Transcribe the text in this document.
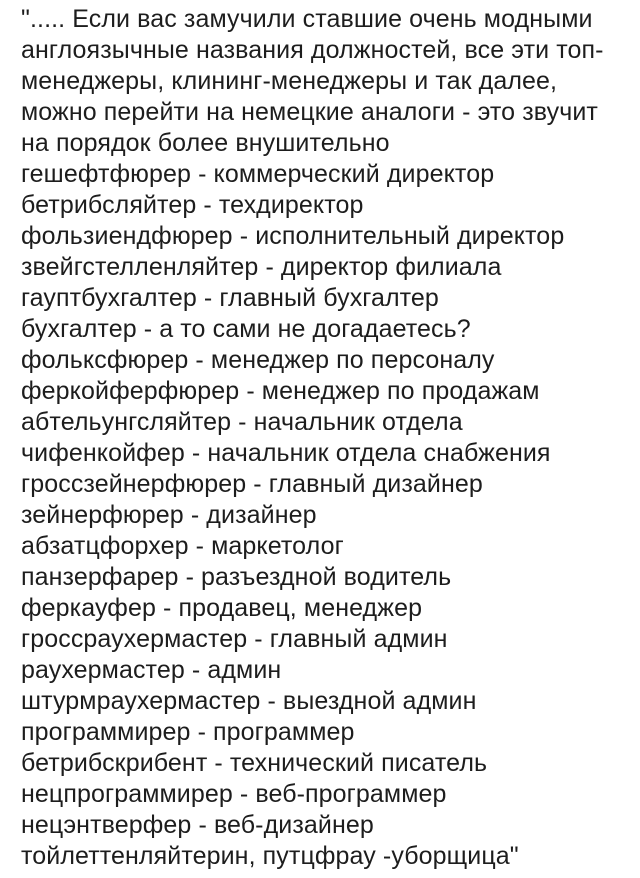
"..... Если вас замучили ставшие очень модными
англоязычные названия должностей, все эти топ-
менеджеры, клининг-менеджеры и так далее,
можно перейти на немецкие аналоги - это звучит
на порядок более внушительно
гешефтфюрер - коммерческий директор
бетрибсляйтер - техдиректор
фользиендфюрер - исполнительный директор
звейгстелленляйтер - директор филиала
гауптбухгалтер - главный бухгалтер
бухгалтер - а то сами не догадаетесь?
фольксфюрер - менеджер по персоналу
феркойферфюрер - менеджер по продажам
абтельунгсляйтер - начальник отдела
чифенкойфер - начальник отдела снабжения
гроссзейнерфюрер - главный дизайнер
зейнерфюрер - дизайнер
абзатцфорхер - маркетолог
панзерфарер - разъездной водитель
феркауфер - продавец, менеджер
гроссраухермастер - главный админ
раухермастер - админ
штурмраухермастер - выездной админ
программирер - программер
бетрибскрибент - технический писатель
нецпрограммирер - веб-программер
нецэнтверфер - веб-дизайнер
тойлеттенляйтерин, путцфрау -уборщица"
